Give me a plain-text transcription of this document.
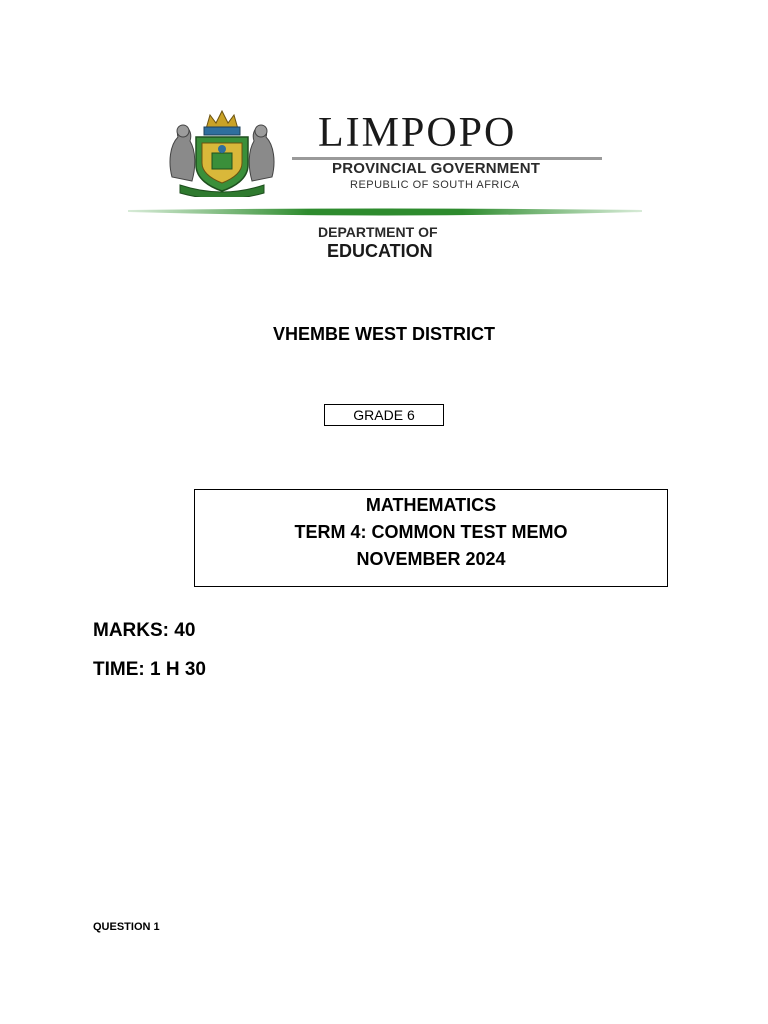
LIMPOPO
PROVINCIAL GOVERNMENT
REPUBLIC OF SOUTH AFRICA
DEPARTMENT OF
EDUCATION
VHEMBE WEST DISTRICT
GRADE 6
MATHEMATICS
TERM 4: COMMON TEST MEMO
NOVEMBER 2024
MARKS: 40
TIME: 1 H 30
QUESTION 1
